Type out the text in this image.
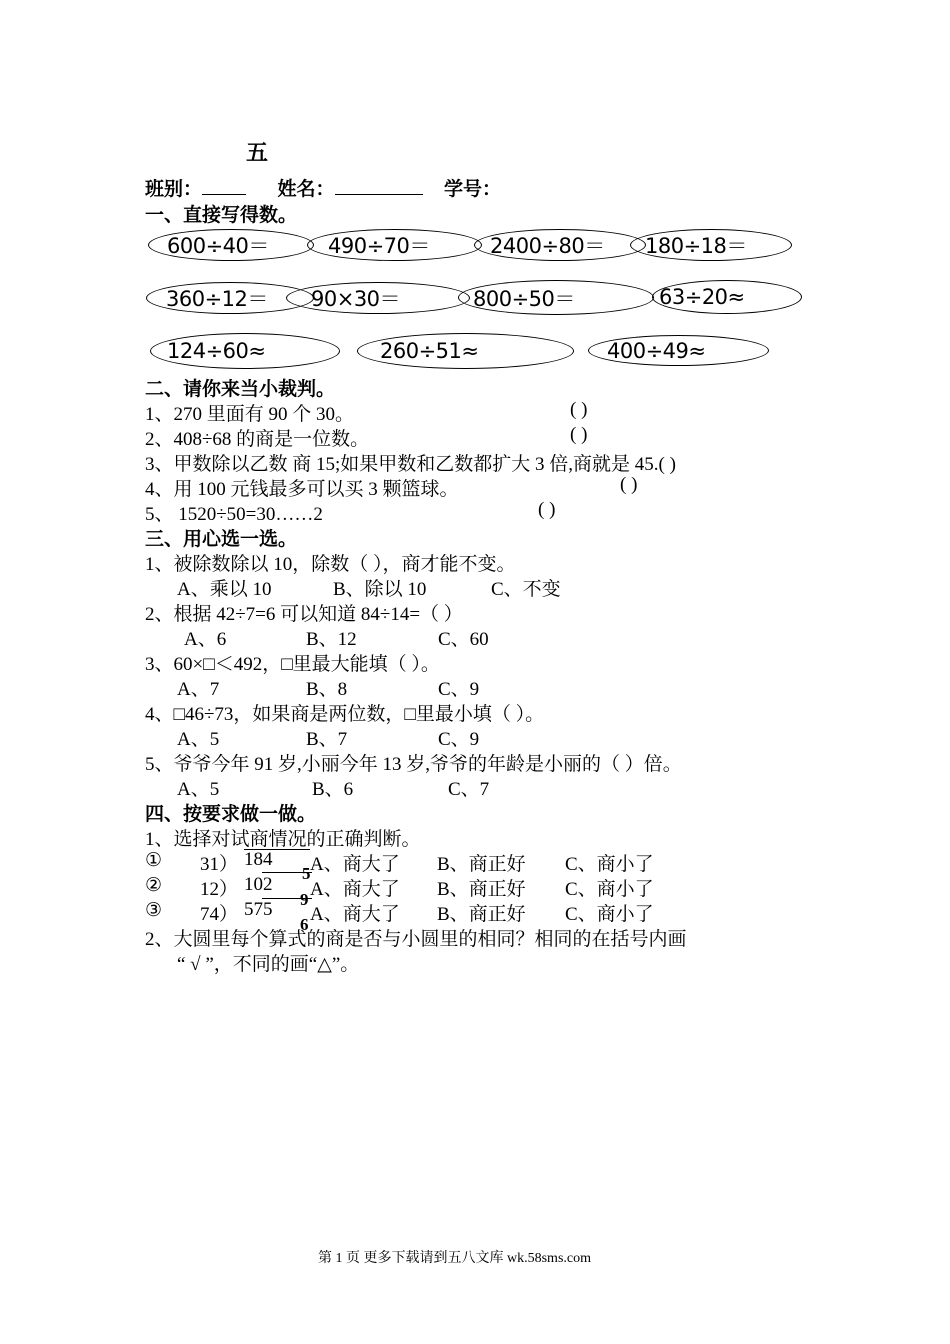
五
班别：	姓名：	学号：
一、直接写得数。
600÷40＝	490÷70＝	2400÷80＝ 180÷18＝
360÷12＝ 90×30＝	800÷50＝	63÷20≈
124÷60≈	260÷51≈	400÷49≈
二、请你来当小裁判。
1、270 里面有 90 个 30。	( )
2、408÷68 的商是一位数。	( )
3、甲数除以乙数 商 15;如果甲数和乙数都扩大 3 倍,商就是 45.( )
4、用 100 元钱最多可以买 3 颗篮球。	( )
5、 1520÷50=30……2	( )
三、用心选一选。
1、被除数除以 10，除数（ ），商才能不变。
A、乘以 10	B、除以 10	C、不变
2、根据 42÷7=6 可以知道 84÷14=（ ）
A、6	B、12	C、60
3、60×□＜492，□里最大能填（ ）。
A、7	B、8	C、9
4、□46÷73，如果商是两位数，□里最小填（ ）。
A、5	B、7	C、9
5、爷爷今年 91 岁,小丽今年 13 岁,爷爷的年龄是小丽的（ ）倍。
A、5	B、6	C、7
四、按要求做一做。
1、选择对试商情况的正确判断。
① 31） 184
5 A、商大了 B、商正好 C、商小了
② 12） 102
9 A、商大了 B、商正好 C、商小了
③ 74） 575
6 A、商大了 B、商正好 C、商小了
2、大圆里每个算式的商是否与小圆里的相同？相同的在括号内画
“ √ ”，不同的画“△”。
第 1 页 更多下载请到五八文库 wk.58sms.com
